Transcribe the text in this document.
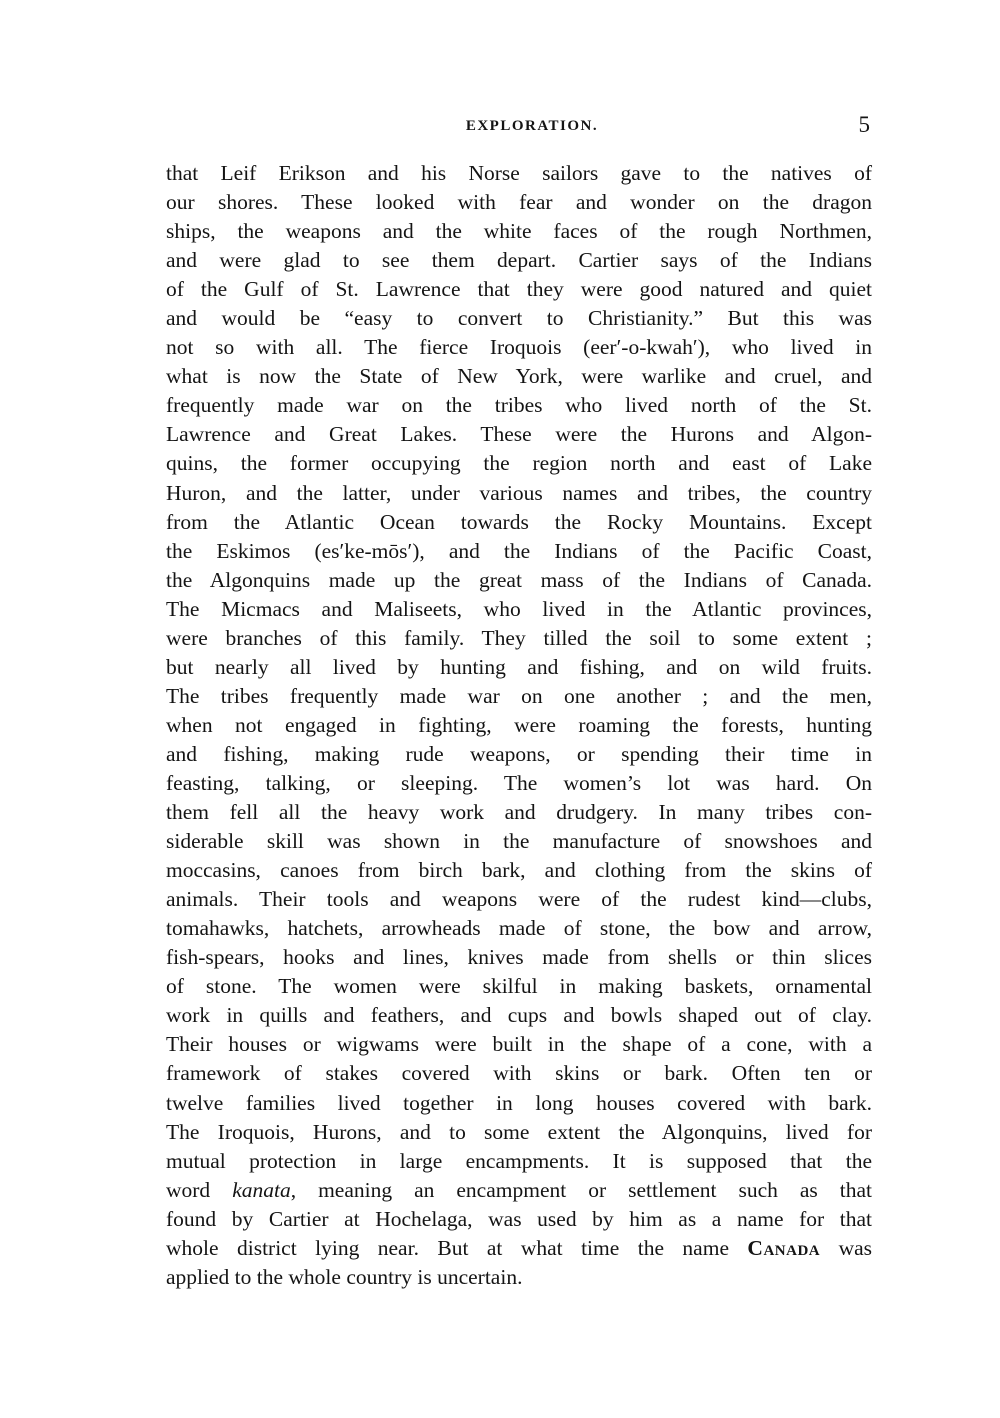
EXPLORATION.	5
that Leif Erikson and his Norse sailors gave to the natives of
our shores. These looked with fear and wonder on the dragon
ships, the weapons and the white faces of the rough Northmen,
and were glad to see them depart. Cartier says of the Indians
of the Gulf of St. Lawrence that they were good natured and quiet
and would be “easy to convert to Christianity.” But this was
not so with all. The fierce Iroquois (eer′-o-kwah′), who lived in
what is now the State of New York, were warlike and cruel, and
frequently made war on the tribes who lived north of the St.
Lawrence and Great Lakes. These were the Hurons and Algon-
quins, the former occupying the region north and east of Lake
Huron, and the latter, under various names and tribes, the country
from the Atlantic Ocean towards the Rocky Mountains. Except
the Eskimos (es′ke-mōs′), and the Indians of the Pacific Coast,
the Algonquins made up the great mass of the Indians of Canada.
The Micmacs and Maliseets, who lived in the Atlantic provinces,
were branches of this family. They tilled the soil to some extent ;
but nearly all lived by hunting and fishing, and on wild fruits.
The tribes frequently made war on one another ; and the men,
when not engaged in fighting, were roaming the forests, hunting
and fishing, making rude weapons, or spending their time in
feasting, talking, or sleeping. The women’s lot was hard. On
them fell all the heavy work and drudgery. In many tribes con-
siderable skill was shown in the manufacture of snowshoes and
moccasins, canoes from birch bark, and clothing from the skins of
animals. Their tools and weapons were of the rudest kind—clubs,
tomahawks, hatchets, arrowheads made of stone, the bow and arrow,
fish-spears, hooks and lines, knives made from shells or thin slices
of stone. The women were skilful in making baskets, ornamental
work in quills and feathers, and cups and bowls shaped out of clay.
Their houses or wigwams were built in the shape of a cone, with a
framework of stakes covered with skins or bark. Often ten or
twelve families lived together in long houses covered with bark.
The Iroquois, Hurons, and to some extent the Algonquins, lived for
mutual protection in large encampments. It is supposed that the
word kanata, meaning an encampment or settlement such as that
found by Cartier at Hochelaga, was used by him as a name for that
whole district lying near. But at what time the name Canada was
applied to the whole country is uncertain.
